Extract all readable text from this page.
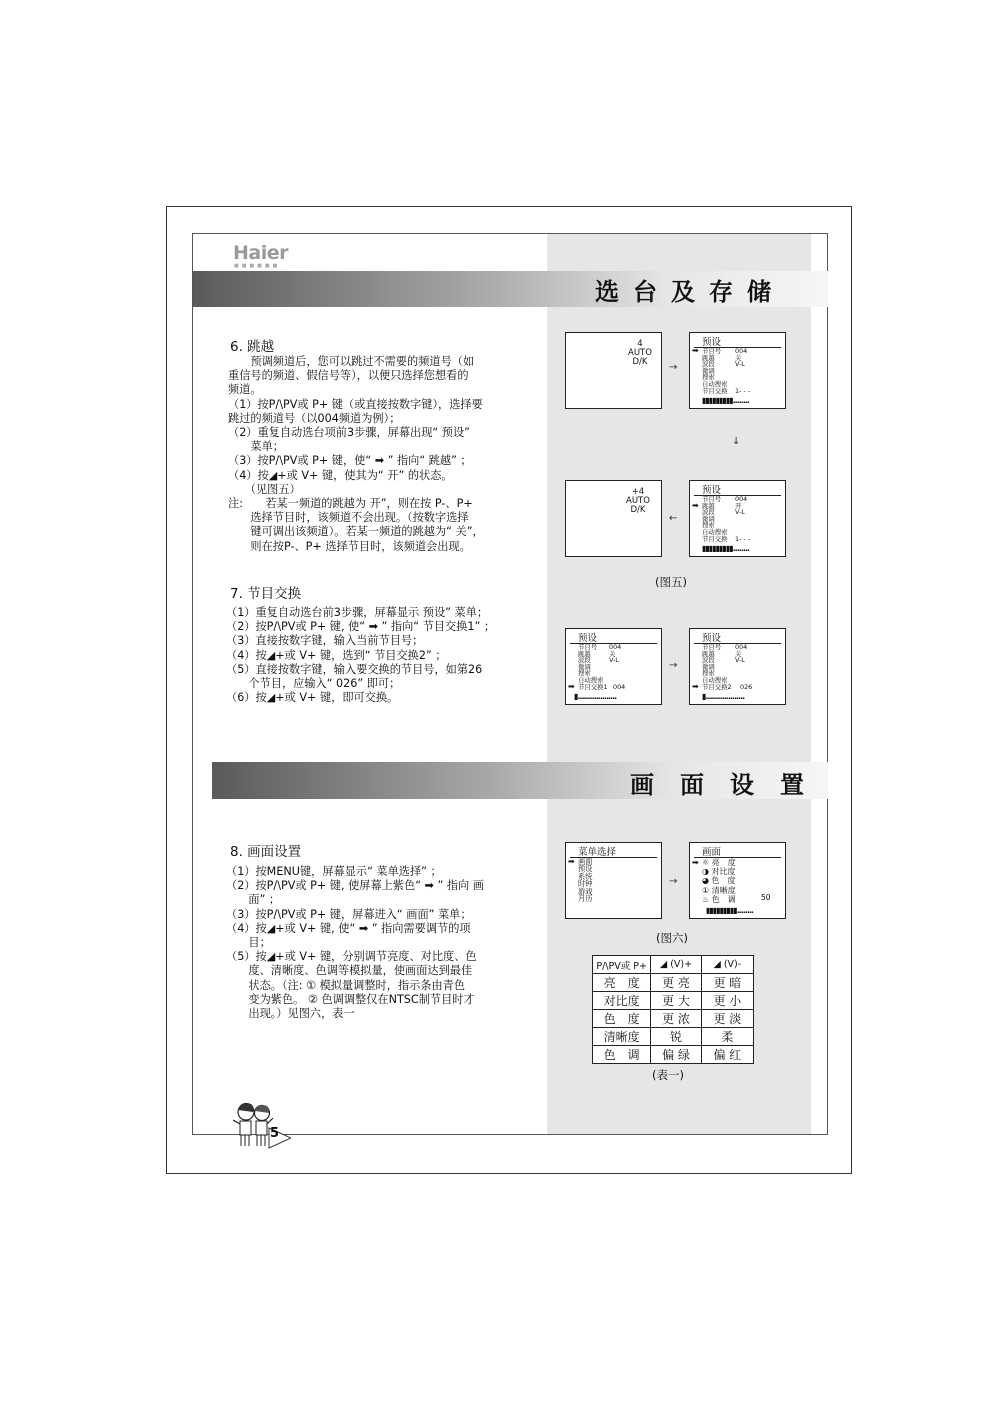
Haier
■■■■■■
选台及存储
画面设置
6. 跳越
　　预调频道后，您可以跳过不需要的频道号（如
重信号的频道、假信号等），以便只选择您想看的
频道。
（1）按P/\PV或 P+ 键（或直接按数字键），选择要
跳过的频道号（以004频道为例）；
（2）重复自动选台项前3步骤，屏幕出现“ 预设”
　　菜单；
（3）按P/\PV或 P+ 键，使“ ➡ ” 指向“ 跳越” ；
（4）按◢+或 V+ 键，使其为“ 开” 的状态。
　　（见图五）
注:　　若某一频道的跳越为 开”，则在按 P-、P+
　　选择节目时，该频道不会出现。（按数字选择
　　键可调出该频道）。若某一频道的跳越为“ 关”，
　　则在按P-、P+ 选择节目时，该频道会出现。
7. 节目交换
（1）重复自动选台前3步骤，屏幕显示 预设” 菜单；
（2）按P/\PV或 P+ 键, 使“ ➡ ” 指向“ 节目交换1” ；
（3）直接按数字键，输入当前节目号；
（4）按◢+或 V+ 键，选到“ 节目交换2” ；
（5）直接按数字键，输入要交换的节目号，如第26
　　个节目，应输入“ 026” 即可；
（6）按◢+或 V+ 键，即可交换。
8. 画面设置
（1）按MENU键，屏幕显示“ 菜单选择” ；
（2）按P/\PV或 P+ 键, 使屏幕上紫色“ ➡ ” 指向 画
　　面” ；
（3）按P/\PV或 P+ 键，屏幕进入“ 画面” 菜单；
（4）按◢+或 V+ 键, 使“ ➡ ” 指向需要调节的项
　　目；
（5）按◢+或 V+ 键，分别调节亮度、对比度、色
　　度、清晰度、色调等模拟量，使画面达到最佳
　　状态。（注: ① 模拟量调整时，指示条由青色
　　变为紫色。 ② 色调调整仅在NTSC制节目时才
　　出现。）见图六，表一
4
AUTO
D/K	→
预设
➡ 节目号
跳越
波段
微调
搜索
自动搜索
节目交换
004
关
V-L
1- - -
▮▮▮▮▮▮▮▮▮........
↓
+4
AUTO
D/K
←
预设
➡
节目号
跳越
波段
微调
搜索
自动搜索
节目交换
004
开
V-L
1- - -
▮▮▮▮▮▮▮▮▮........
(图五)
预设
➡
节目号
跳越
波段
微调
搜索
自动搜索
节目交换1
004
关
V-L
004
▮...................
→
预设
➡
节目号
跳越
波段
微调
搜索
自动搜索
节目交换2
004
关
V-L
026
▮...................
菜单选择
➡ 画面
预设
系统
时钟
游戏
月历
→
画面
➡ ☼ 亮　度
◑ 对比度
◕ 色　度
① 清晰度
♨ 色　调	50
▮▮▮▮▮▮▮▮▮........
(图六)
P/\PV或 P+	◢ (V)+	◢ (V)-
亮　度	更 亮	更 暗
对比度	更 大	更 小
色　度	更 浓	更 淡
清晰度	锐	柔
色　调	偏 绿	偏 红
(表一)
5
